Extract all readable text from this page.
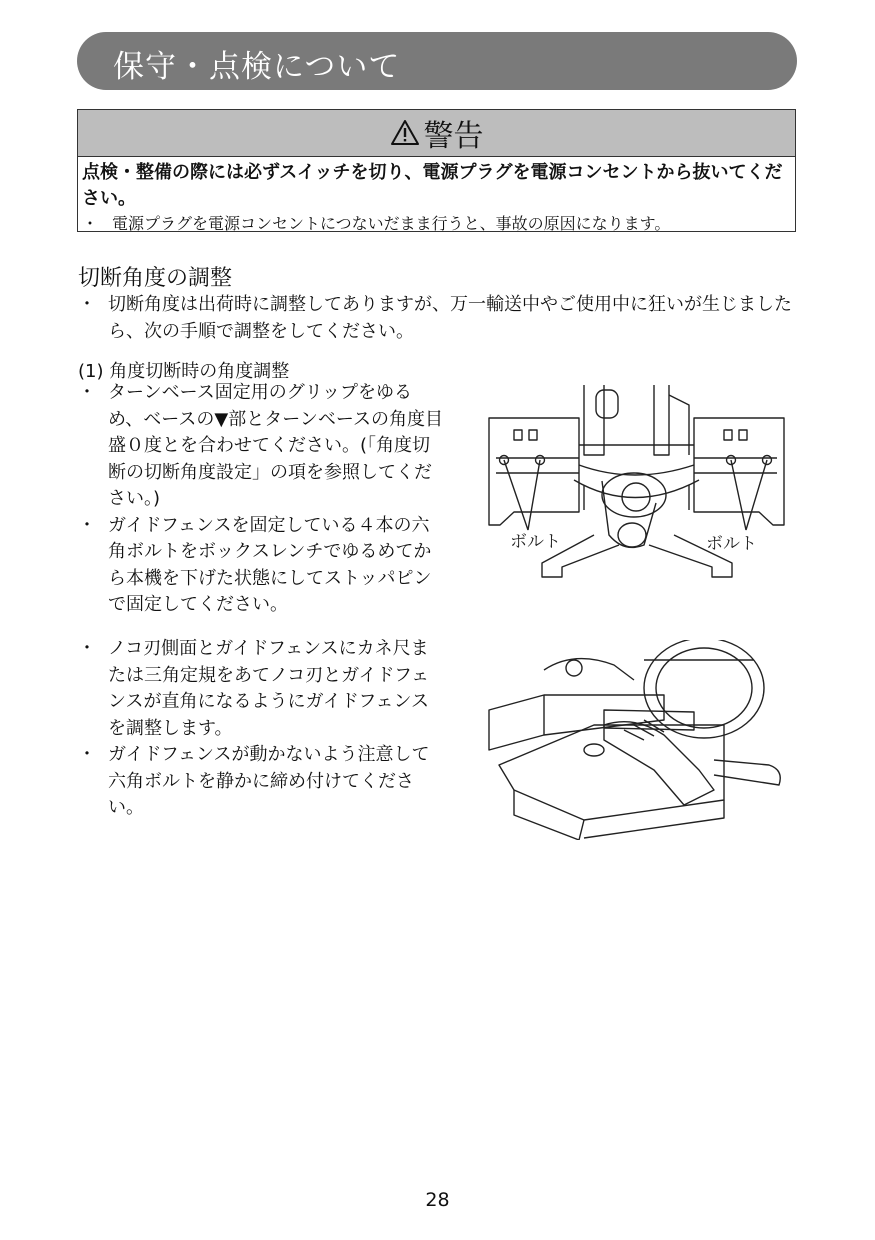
保守・点検について
警告
点検・整備の際には必ずスイッチを切り、電源プラグを電源コンセントから抜いてください。
・ 電源プラグを電源コンセントにつないだまま行うと、事故の原因になります。
切断角度の調整
・ 切断角度は出荷時に調整してありますが、万一輸送中やご使用中に狂いが生じましたら、次の手順で調整をしてください。
(1) 角度切断時の角度調整
・ ターンベース固定用のグリップをゆるめ、ベースの▼部とターンベースの角度目盛０度とを合わせてください。(「角度切断の切断角度設定」の項を参照してください。)
・ ガイドフェンスを固定している４本の六角ボルトをボックスレンチでゆるめてから本機を下げた状態にしてストッパピンで固定してください。
・ ノコ刃側面とガイドフェンスにカネ尺または三角定規をあてノコ刃とガイドフェンスが直角になるようにガイドフェンスを調整します。
・ ガイドフェンスが動かないよう注意して六角ボルトを静かに締め付けてください。
ボルト	ボルト
28
